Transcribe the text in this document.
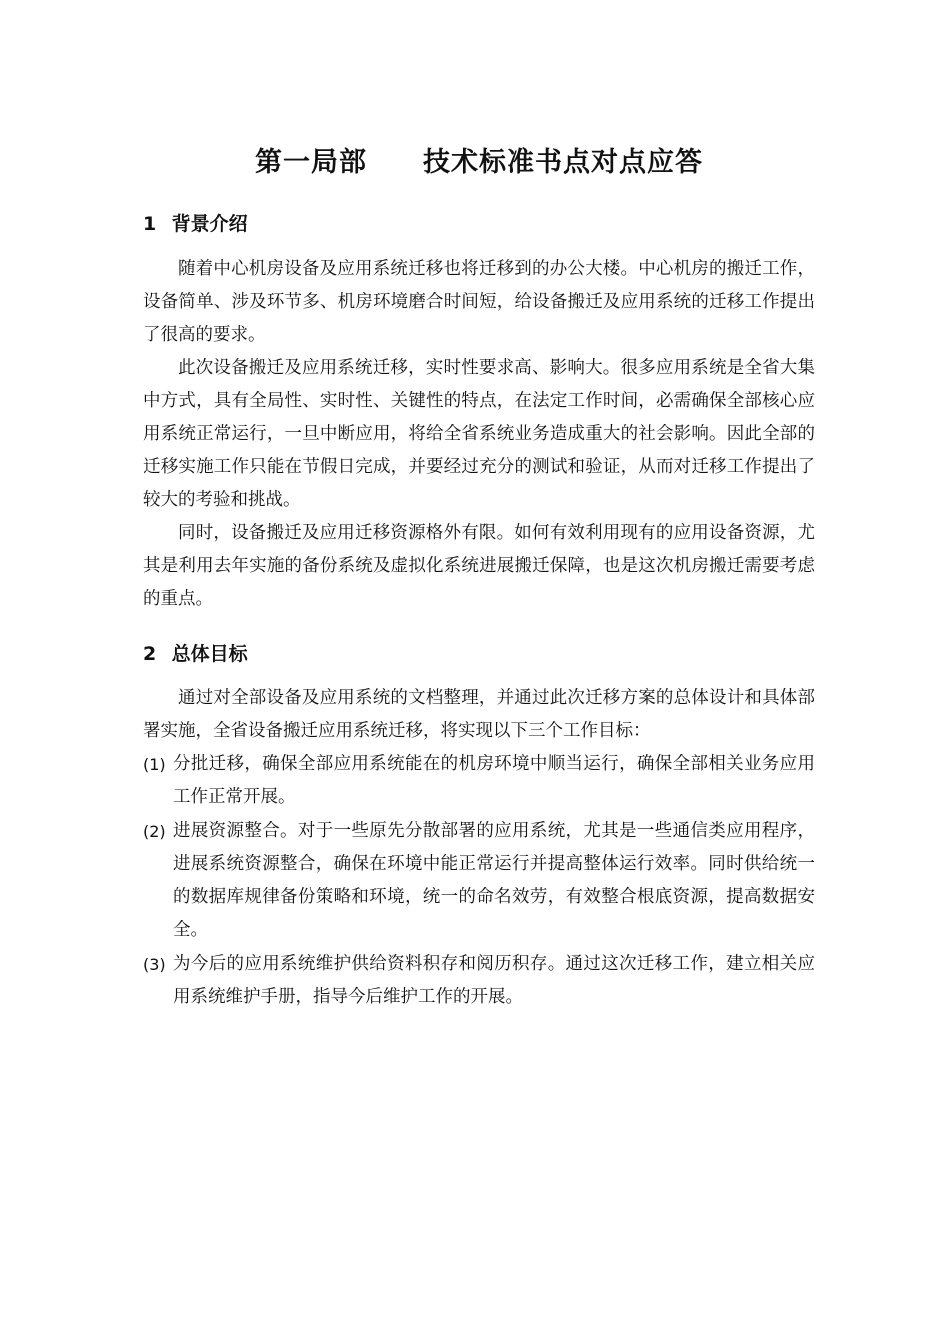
第一局部　　技术标准书点对点应答
1 背景介绍

随着中心机房设备及应用系统迁移也将迁移到的办公大楼。中心机房的搬迁工作，设备简单、涉及环节多、机房环境磨合时间短，给设备搬迁及应用系统的迁移工作提出了很高的要求。

此次设备搬迁及应用系统迁移，实时性要求高、影响大。很多应用系统是全省大集中方式，具有全局性、实时性、关键性的特点，在法定工作时间，必需确保全部核心应用系统正常运行，一旦中断应用，将给全省系统业务造成重大的社会影响。因此全部的迁移实施工作只能在节假日完成，并要经过充分的测试和验证，从而对迁移工作提出了较大的考验和挑战。

同时，设备搬迁及应用迁移资源格外有限。如何有效利用现有的应用设备资源，尤其是利用去年实施的备份系统及虚拟化系统进展搬迁保障，也是这次机房搬迁需要考虑的重点。

2 总体目标

通过对全部设备及应用系统的文档整理，并通过此次迁移方案的总体设计和具体部署实施，全省设备搬迁应用系统迁移，将实现以下三个工作目标：

(1) 分批迁移，确保全部应用系统能在的机房环境中顺当运行，确保全部相关业务应用工作正常开展。
(2) 进展资源整合。对于一些原先分散部署的应用系统，尤其是一些通信类应用程序，进展系统资源整合，确保在环境中能正常运行并提高整体运行效率。同时供给统一的数据库规律备份策略和环境，统一的命名效劳，有效整合根底资源，提高数据安全。
(3) 为今后的应用系统维护供给资料积存和阅历积存。通过这次迁移工作，建立相关应用系统维护手册，指导今后维护工作的开展。
